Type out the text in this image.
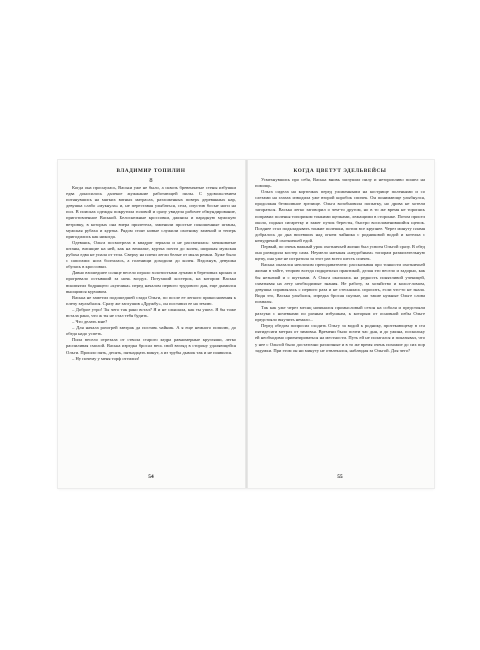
ВЛАДИМИР ТОПИЛИН
8

Когда она проснулась, Васьки уже не было, а сквозь бревенчатые стены избушки едва доносилось далекое жужжание работающей пилы. С удовольствием потянувшись на мягких ватных матрасах, разложенных поверх деревянных нар, девушка слабо «мукнула» и, не переставая улыбаться, села, опустив босые ноги на пол. В поисках одежды покрутила головой и сразу увидела рабочее обмундирование, приготовленное Васькой. Белоснежные кроссовки, джинсы и парадную мужскую ветровку, в которых она вчера прилетела, заменили простые поношенные штаны, мужская рубаха и куртка. Рядом стоят новые служили охотнику заменой и теперь пригодились как никогда.

Одеваясь, Ольга посмотрела в квадрат зеркала и не рассмеялась: мешковатые штаны, висящие на ней, как на вешалке, куртка почти до колен, широкая мужская рубаха едва не упала от тела. Сверху на плечи легли белые от мыла ремни. Хуже было с сапогами: нога болталась, а голенищи доходили до колен. Вздохнув, девушка обулась в кроссовки.

Давно взошедшее солнце весело играло золотистыми лучами в березовых кронах и прогревало остывший за ночь воздух. Потухший костерок, на котором Васька вскипятил бодрящего «купчика» перед началом первого трудового дня, еще дымился выощимся курчавом.

Васька не заметил подошедшей сзади Ольги, по после ее легкого прикосновения к плечу заулыбался. Сразу же заглушив «Дружбу», он поставил ее на землю.

– Доброе утро! Ты чего так рано встал? Я и не слышала, как ты ушел. Я бы тоже встала рано, что ж ты не стал тебя будить.

– Что делать мне?

– Для начала разогрей завтрак да поставь чайник. А я еще немного попилю, до обеда надо успеть.

Пила весело отрезала от ствола старого кедра равномерные кругляши, легко распиливая смолой. Васька изредка бросал весь свой взгляд в сторону удаляющейся Ольги. Прошло пять, десять, пятнадцать минут, а из трубы дымок так и не появился.

– Ну почему у меня торф отгилил!

54
КОГДА ЦВЕТУТ ЭДЕЛЬВЕЙСЫ

Усмехнувшись про себя, Васька вновь заглушил пилу и неторопливо пошел на помощь.

Ольга сидела на корточках перед уложенными на кострище поленьями и со слезами на глазах изводила уже второй коробок спичек. Он понимающе улыбнулся, продолжая безмолвное зрелище. Ольга возобновила попытку, но дрова не хотели загораться. Васька легко заговорил о чем-то другом, но в то же время не торопясь поправил поленья топориком тонкими щепками, лежащими в сторонке. Потом присел около, поднял сигаретку и зажег пучок бересты, быстро воспламенившийся щепок. Позднее стал подкладывать тонкие полешки, потом все крупнее. Через минуту пламя добралось до дна висевших над огнем чайника с родниковой водой и котелка с немудреной охотничьей едой.

Первый, по очень важный урок охотничьей жизни был усвоен Ольгой сразу. В обед она разводила костер сама. Неумело натыкая «неудобным» топорам разжигательную щепу, она уже не истратила за этот раз всего шесть спичек.

Васька оказался неплохим преподавателем: рассказывая про тонкости охотничьей жизни в тайге, теорию всегда подкреплял практикой, делая это весело и задорно, как бы незначай и с шутками. А Ольга оказалась на редкость понятливой ученицей, схватывая на лету необходимые знания. Не работу, за хозяйство и колол-ломом, девушка справлялась с первого раза и не стеснялась спросить, если что-то не знала. Видя это, Васька улыбался, изредка бросая скупые, но такие нужные Ольге слова похвалы.

Так как уже через месяц начинался промысловый сезон на соболя и предстояли разлуки с ночевками по разным избушкам, к которым от основной избы Ольге предстояло выучить немало...

Перед обедом попросил сходить Ольгу за водой к роднику, протекающему в ста пятидесяти метрах от зимовья. Времени было почти час дня, и до ужина, поскольку ей необходимо ориентироваться на местности. Путь ей не полагался и показывал, что у нее с Ольгой было достаточно различные и в то же время очень похожие до сих пор задумки. При этом он ни минуту не отвлекался, наблюдая за Ольгой. Для чего?

55
